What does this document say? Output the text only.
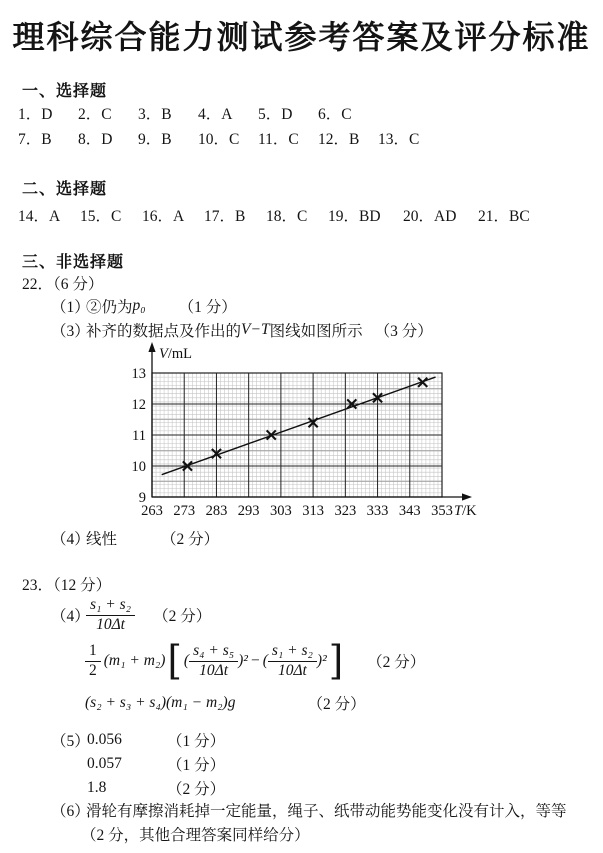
理科综合能力测试参考答案及评分标准
一、选择题
1．D	2．C	3．B	4．A	5．D	6．C
7．B	8．D	9．B	10．C	11．C	12．B	13．C
二、选择题
14．A	15．C	16．A	17．B	18．C	19．BD	20．AD	21．BC
三、非选择题
22．（6 分）
（1）
②仍为 p₀ （1 分）
（3）
补齐的数据点及作出的 V−T 图线如图所示 （3 分）
9
10
11
12
13
263 273 283 293 303 313 323 333 343 353 T/K
V/mL
（4）
线性	（2 分）
23．（12 分）
（4）
$\frac{\text{s₁ + s₂}}{10\Delta t} (2$ 分）
$\frac{1}{2} (m_1 + m_2)$ [ ( $\frac{\text{s₄ + s₅}}{10\Delta t} )^2$ − ( $\frac{\text{s₁ + s₂}}{10\Delta t} )^2$ ] （2 分）
(s₂ + s₃ + s₄)(m₁ − m₂)g	（2 分）
（5）
0.056	（1 分）
0.057	（1 分）
1.8	（2 分）
（6）
滑轮有摩擦消耗掉一定能量，绳子、纸带动能势能变化没有计入，等等
（2 分，其他合理答案同样给分）
